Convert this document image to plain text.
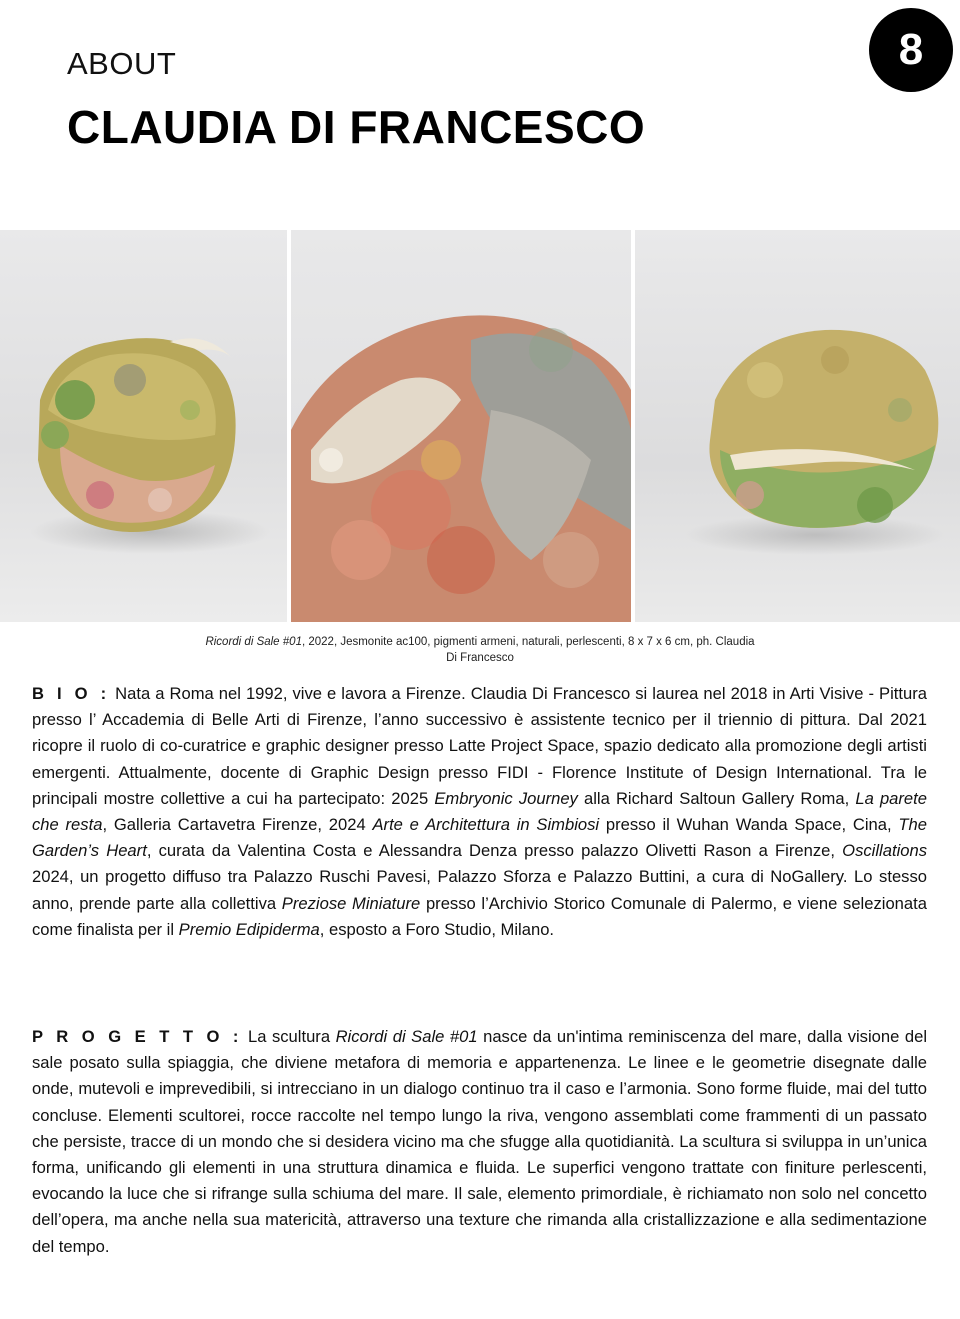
ABOUT
CLAUDIA DI FRANCESCO
8
Ricordi di Sale #01, 2022, Jesmonite ac100, pigmenti armeni, naturali, perlescenti, 8 x 7 x 6 cm, ph. Claudia Di Francesco
B I O : Nata a Roma nel 1992, vive e lavora a Firenze. Claudia Di Francesco si laurea nel 2018 in Arti Visive - Pittura presso l’ Accademia di Belle Arti di Firenze, l’anno successivo è assistente tecnico per il triennio di pittura. Dal 2021 ricopre il ruolo di co-curatrice e graphic designer presso Latte Project Space, spazio dedicato alla promozione degli artisti emergenti. Attualmente, docente di Graphic Design presso FIDI - Florence Institute of Design International. Tra le principali mostre collettive a cui ha partecipato: 2025 Embryonic Journey alla Richard Saltoun Gallery Roma, La parete che resta, Galleria Cartavetra Firenze, 2024 Arte e Architettura in Simbiosi presso il Wuhan Wanda Space, Cina, The Garden’s Heart, curata da Valentina Costa e Alessandra Denza presso palazzo Olivetti Rason a Firenze, Oscillations 2024, un progetto diffuso tra Palazzo Ruschi Pavesi, Palazzo Sforza e Palazzo Buttini, a cura di NoGallery. Lo stesso anno, prende parte alla collettiva Preziose Miniature presso l’Archivio Storico Comunale di Palermo, e viene selezionata come finalista per il Premio Edipiderma, esposto a Foro Studio, Milano.
P R O G E T T O : La scultura Ricordi di Sale #01 nasce da un'intima reminiscenza del mare, dalla visione del sale posato sulla spiaggia, che diviene metafora di memoria e appartenenza. Le linee e le geometrie disegnate dalle onde, mutevoli e imprevedibili, si intrecciano in un dialogo continuo tra il caso e l’armonia. Sono forme fluide, mai del tutto concluse. Elementi scultorei, rocce raccolte nel tempo lungo la riva, vengono assemblati come frammenti di un passato che persiste, tracce di un mondo che si desidera vicino ma che sfugge alla quotidianità. La scultura si sviluppa in un’unica forma, unificando gli elementi in una struttura dinamica e fluida. Le superfici vengono trattate con finiture perlescenti, evocando la luce che si rifrange sulla schiuma del mare. Il sale, elemento primordiale, è richiamato non solo nel concetto dell’opera, ma anche nella sua matericità, attraverso una texture che rimanda alla cristallizzazione e alla sedimentazione del tempo.
